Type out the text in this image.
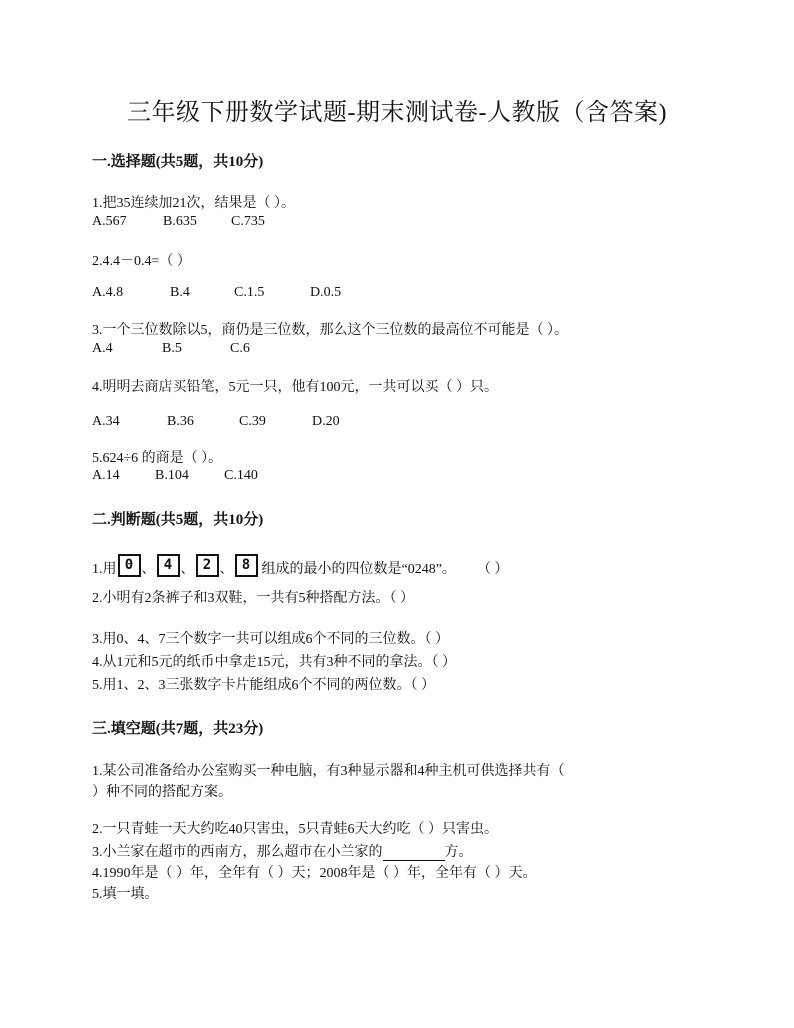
三年级下册数学试题-期末测试卷-人教版（含答案)
一.选择题(共5题，共10分)
1.把35连续加21次，结果是（ ）。
A.567	B.635 C.735
2.4.4－0.4=（ ）
A.4.8	B.4	C.1.5	D.0.5
3.一个三位数除以5，商仍是三位数，那么这个三位数的最高位不可能是（ ）。
A.4	B.5	C.6
4.明明去商店买铅笔，5元一只，他有100元，一共可以买（ ）只。
A.34	B.36	C.39	D.20
5.624÷6 的商是（ ）。
A.14	B.104	C.140
二.判断题(共5题，共10分)
1.用 0 、 4 、 2 、 8 组成的最小的四位数是“0248”。 （ ）
2.小明有2条裤子和3双鞋，一共有5种搭配方法。（ ）
3.用0、4、7三个数字一共可以组成6个不同的三位数。（ ）
4.从1元和5元的纸币中拿走15元，共有3种不同的拿法。（ ）
5.用1、2、3三张数字卡片能组成6个不同的两位数。（ ）
三.填空题(共7题，共23分)
1.某公司准备给办公室购买一种电脑，有3种显示器和4种主机可供选择共有（
）种不同的搭配方案。
2.一只青蛙一天大约吃40只害虫，5只青蛙6天大约吃（ ）只害虫。
3.小兰家在超市的西南方，那么超市在小兰家的	方。
4.1990年是（ ）年，全年有（ ）天；2008年是（ ）年，全年有（ ）天。
5.填一填。
